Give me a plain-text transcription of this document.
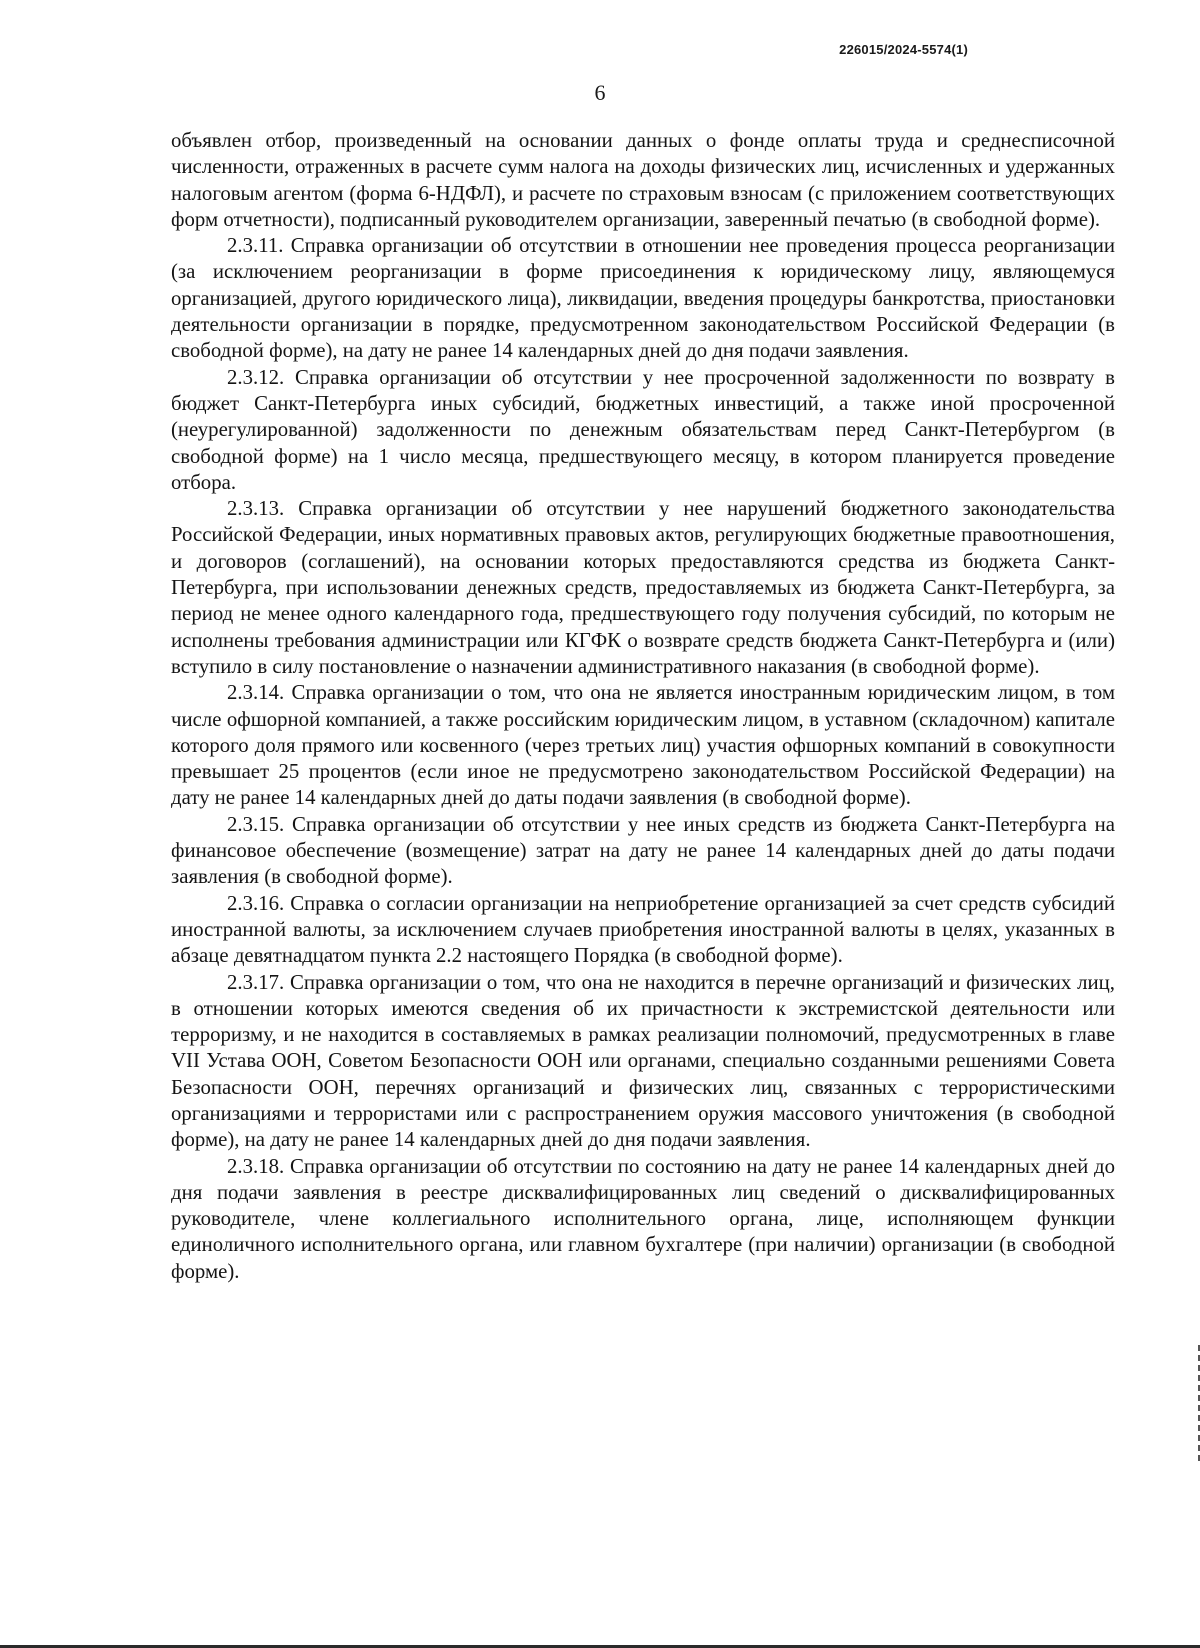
226015/2024-5574(1)
6

объявлен отбор, произведенный на основании данных о фонде оплаты труда и среднесписочной численности, отраженных в расчете сумм налога на доходы физических лиц, исчисленных и удержанных налоговым агентом (форма 6-НДФЛ), и расчете по страховым взносам (с приложением соответствующих форм отчетности), подписанный руководителем организации, заверенный печатью (в свободной форме).

2.3.11. Справка организации об отсутствии в отношении нее проведения процесса реорганизации (за исключением реорганизации в форме присоединения к юридическому лицу, являющемуся организацией, другого юридического лица), ликвидации, введения процедуры банкротства, приостановки деятельности организации в порядке, предусмотренном законодательством Российской Федерации (в свободной форме), на дату не ранее 14 календарных дней до дня подачи заявления.

2.3.12. Справка организации об отсутствии у нее просроченной задолженности по возврату в бюджет Санкт-Петербурга иных субсидий, бюджетных инвестиций, а также иной просроченной (неурегулированной) задолженности по денежным обязательствам перед Санкт-Петербургом (в свободной форме) на 1 число месяца, предшествующего месяцу, в котором планируется проведение отбора.

2.3.13. Справка организации об отсутствии у нее нарушений бюджетного законодательства Российской Федерации, иных нормативных правовых актов, регулирующих бюджетные правоотношения, и договоров (соглашений), на основании которых предоставляются средства из бюджета Санкт-Петербурга, при использовании денежных средств, предоставляемых из бюджета Санкт-Петербурга, за период не менее одного календарного года, предшествующего году получения субсидий, по которым не исполнены требования администрации или КГФК о возврате средств бюджета Санкт-Петербурга и (или) вступило в силу постановление о назначении административного наказания (в свободной форме).

2.3.14. Справка организации о том, что она не является иностранным юридическим лицом, в том числе офшорной компанией, а также российским юридическим лицом, в уставном (складочном) капитале которого доля прямого или косвенного (через третьих лиц) участия офшорных компаний в совокупности превышает 25 процентов (если иное не предусмотрено законодательством Российской Федерации) на дату не ранее 14 календарных дней до даты подачи заявления (в свободной форме).

2.3.15. Справка организации об отсутствии у нее иных средств из бюджета Санкт-Петербурга на финансовое обеспечение (возмещение) затрат на дату не ранее 14 календарных дней до даты подачи заявления (в свободной форме).

2.3.16. Справка о согласии организации на неприобретение организацией за счет средств субсидий иностранной валюты, за исключением случаев приобретения иностранной валюты в целях, указанных в абзаце девятнадцатом пункта 2.2 настоящего Порядка (в свободной форме).

2.3.17. Справка организации о том, что она не находится в перечне организаций и физических лиц, в отношении которых имеются сведения об их причастности к экстремистской деятельности или терроризму, и не находится в составляемых в рамках реализации полномочий, предусмотренных в главе VII Устава ООН, Советом Безопасности ООН или органами, специально созданными решениями Совета Безопасности ООН, перечнях организаций и физических лиц, связанных с террористическими организациями и террористами или с распространением оружия массового уничтожения (в свободной форме), на дату не ранее 14 календарных дней до дня подачи заявления.

2.3.18. Справка организации об отсутствии по состоянию на дату не ранее 14 календарных дней до дня подачи заявления в реестре дисквалифицированных лиц сведений о дисквалифицированных руководителе, члене коллегиального исполнительного органа, лице, исполняющем функции единоличного исполнительного органа, или главном бухгалтере (при наличии) организации (в свободной форме).
